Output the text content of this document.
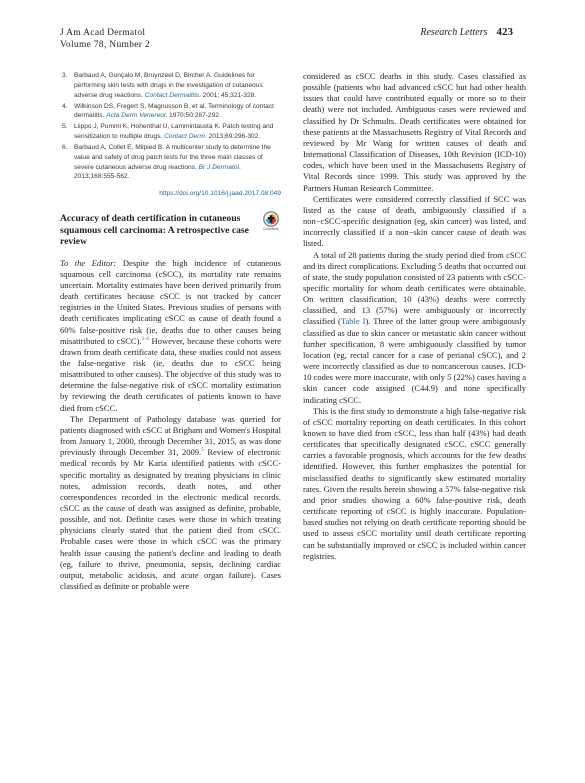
J Am Acad Dermatol
Volume 78, Number 2
Research Letters 423
3. Barbaud A, Gonçalo M, Bruynzeel D, Bircher A. Guidelines for performing skin tests with drugs in the investigation of cutaneous adverse drug reactions. Contact Dermatitis. 2001; 45:321-328.
4. Wilkinson DS, Fregert S, Magnusson B, et al. Terminology of contact dermatitis. Acta Derm Venereol. 1970;50:287-292.
5. Liippo J, Pummi K, Hohenthal U, Lammintausta K. Patch testing and sensitization to multiple drugs. Contact Derm. 2013;69:296-302.
6. Barbaud A, Collet E, Milpied B. A multicenter study to determine the value and safety of drug patch tests for the three main classes of severe cutaneous adverse drug reactions. Br J Dermatol. 2013;168:555-562.
https://doi.org/10.1016/j.jaad.2017.08.049
Accuracy of death certification in cutaneous squamous cell carcinoma: A retrospective case review
CrossMark

To the Editor: Despite the high incidence of cutaneous squamous cell carcinoma (cSCC), its mortality rate remains uncertain. Mortality estimates have been derived primarily from death certificates because cSCC is not tracked by cancer registries in the United States. Previous studies of persons with death certificates implicating cSCC as cause of death found a 60% false-positive risk (ie, deaths due to other causes being misattributed to cSCC).$^{1-4}$ However, because these cohorts were drawn from death certificate data, these studies could not assess the false-negative risk (ie, deaths due to cSCC being misattributed to other causes). The objective of this study was to determine the false-negative risk of cSCC mortality estimation by reviewing the death certificates of patients known to have died from cSCC.

The Department of Pathology database was queried for patients diagnosed with cSCC at Brigham and Women's Hospital from January 1, 2000, through December 31, 2015, as was done previously through December 31, 2009.$^5$ Review of electronic medical records by Mr Karia identified patients with cSCC-specific mortality as designated by treating physicians in clinic notes, admission records, death notes, and other correspondences recorded in the electronic medical records. cSCC as the cause of death was assigned as definite, probable, possible, and not. Definite cases were those in which treating physicians clearly stated that the patient died from cSCC. Probable cases were those in which cSCC was the primary health issue causing the patient's decline and leading to death (eg, failure to thrive, pneumonia, sepsis, declining cardiac output, metabolic acidosis, and acute organ failure). Cases classified as definite or probable were

considered as cSCC deaths in this study. Cases classified as possible (patients who had advanced cSCC but had other health issues that could have contributed equally or more so to their death) were not included. Ambiguous cases were reviewed and classified by Dr Schmults. Death certificates were obtained for these patients at the Massachusetts Registry of Vital Records and reviewed by Mr Wang for written causes of death and International Classification of Diseases, 10th Revision (ICD-10) codes, which have been used in the Massachusetts Registry of Vital Records since 1999. This study was approved by the Partners Human Research Committee.

Certificates were considered correctly classified if SCC was listed as the cause of death, ambiguously classified if a non−cSCC-specific designation (eg, skin cancer) was listed, and incorrectly classified if a non−skin cancer cause of death was listed.

A total of 28 patients during the study period died from cSCC and its direct complications. Excluding 5 deaths that occurred out of state, the study population consisted of 23 patients with cSCC-specific mortality for whom death certificates were obtainable. On written classification, 10 (43%) deaths were correctly classified, and 13 (57%) were ambiguously or incorrectly classified (Table I). Three of the latter group were ambiguously classified as due to skin cancer or metastatic skin cancer without further specification, 8 were ambiguously classified by tumor location (eg, rectal cancer for a case of perianal cSCC), and 2 were incorrectly classified as due to noncancerous causes. ICD-10 codes were more inaccurate, with only 5 (22%) cases having a skin cancer code assigned (C44.9) and none specifically indicating cSCC.

This is the first study to demonstrate a high false-negative risk of cSCC mortality reporting on death certificates. In this cohort known to have died from cSCC, less than half (43%) had death certificates that specifically designated cSCC. cSCC generally carries a favorable prognosis, which accounts for the few deaths identified. However, this further emphasizes the potential for misclassified deaths to significantly skew estimated mortality rates. Given the results herein showing a 57% false-negative risk and prior studies showing a 60% false-positive risk, death certificate reporting of cSCC is highly inaccurate. Population-based studies not relying on death certificate reporting should be used to assess cSCC mortality until death certificate reporting can be substantially improved or cSCC is included within cancer registries.
